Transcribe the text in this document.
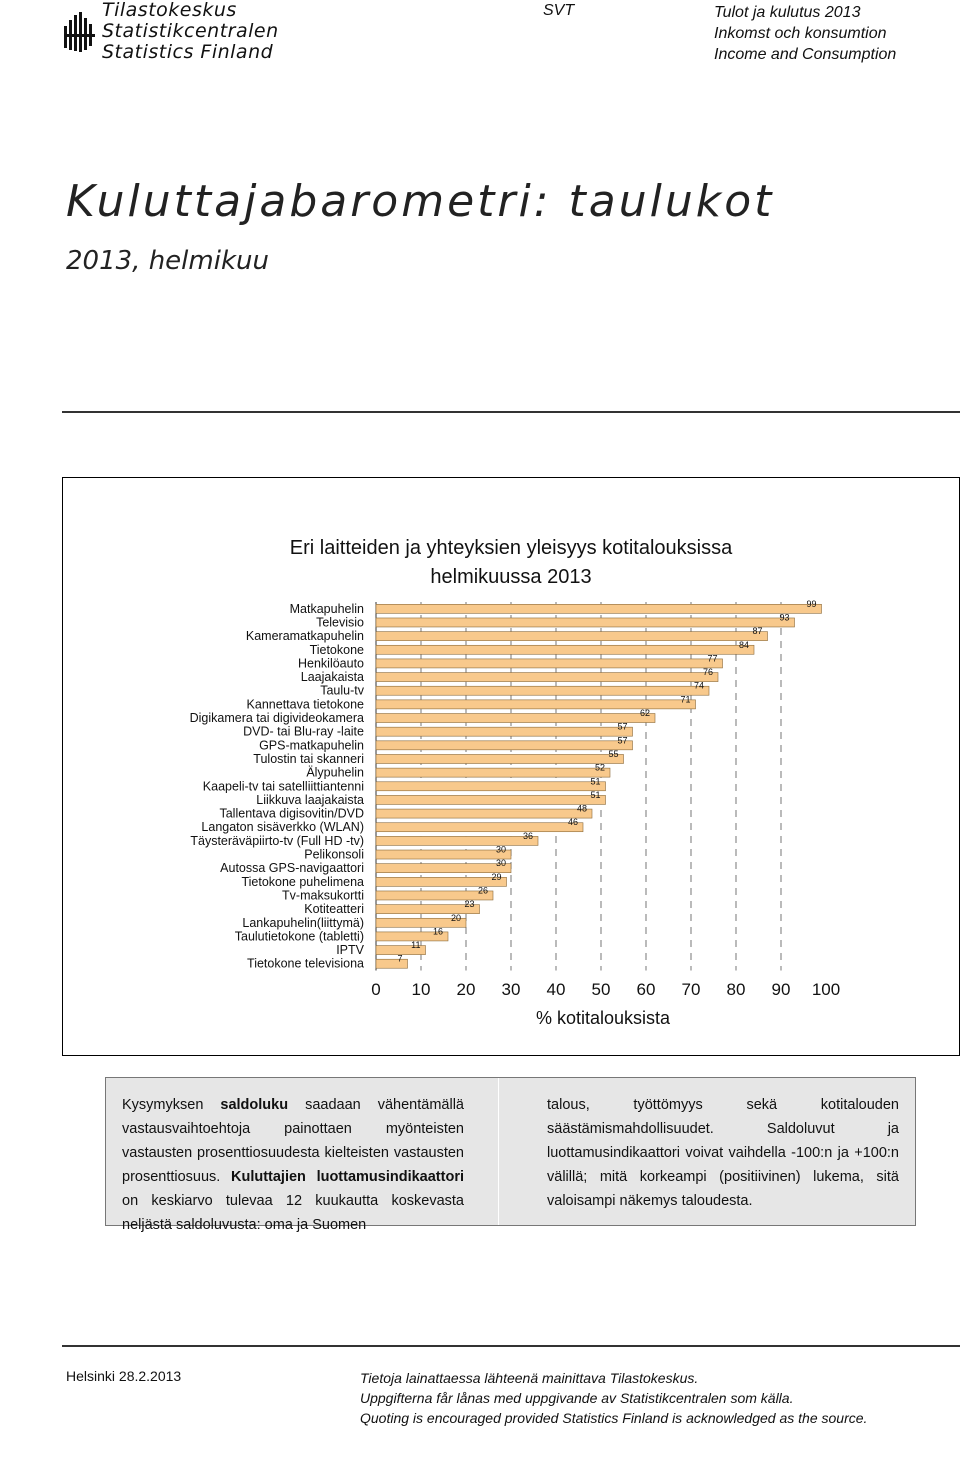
Tilastokeskus
Statistikcentralen
Statistics Finland
SVT	Tulot ja kulutus 2013
Inkomst och konsumtion
Income and Consumption
Kuluttajabarometri: taulukot
2013, helmikuu
Eri laitteiden ja yhteyksien yleisyys kotitalouksissa
helmikuussa 2013
99
93
87
84
77
76
74
71
62
57
57
55
52
51
51
48
46
36
30
30
29
26
23
20
16
11
7
Matkapuhelin
Televisio
Kameramatkapuhelin
Tietokone
Henkilöauto
Laajakaista
Taulu-tv
Kannettava tietokone
Digikamera tai digivideokamera
DVD- tai Blu-ray -laite
GPS-matkapuhelin
Tulostin tai skanneri
Älypuhelin
Kaapeli-tv tai satelliittiantenni
Liikkuva laajakaista
Tallentava digisovitin/DVD
Langaton sisäverkko (WLAN)
Täysteräväpiirto-tv (Full HD -tv)
Pelikonsoli
Autossa GPS-navigaattori
Tietokone puhelimena
Tv-maksukortti
Kotiteatteri
Lankapuhelin(liittymä)
Taulutietokone (tabletti)
IPTV
Tietokone televisiona
0 10 20 30 40 50 60 70 80 90 100
% kotitalouksista
Kysymyksen saldoluku saadaan vähentämällä vastausvaihtoehtoja painottaen myönteisten vastausten prosenttiosuudesta kielteisten vastausten prosenttiosuus. Kuluttajien luottamusindikaattori on keskiarvo tulevaa 12 kuukautta koskevasta neljästä saldoluvusta: oma ja Suomen
talous, työttömyys sekä kotitalouden säästämismahdollisuudet. Saldoluvut ja luottamusindikaattori voivat vaihdella -100:n ja +100:n välillä; mitä korkeampi (positiivinen) lukema, sitä valoisampi näkemys taloudesta.
Helsinki 28.2.2013	Tietoja lainattaessa lähteenä mainittava Tilastokeskus.
Uppgifterna får lånas med uppgivande av Statistikcentralen som källa.
Quoting is encouraged provided Statistics Finland is acknowledged as the source.
